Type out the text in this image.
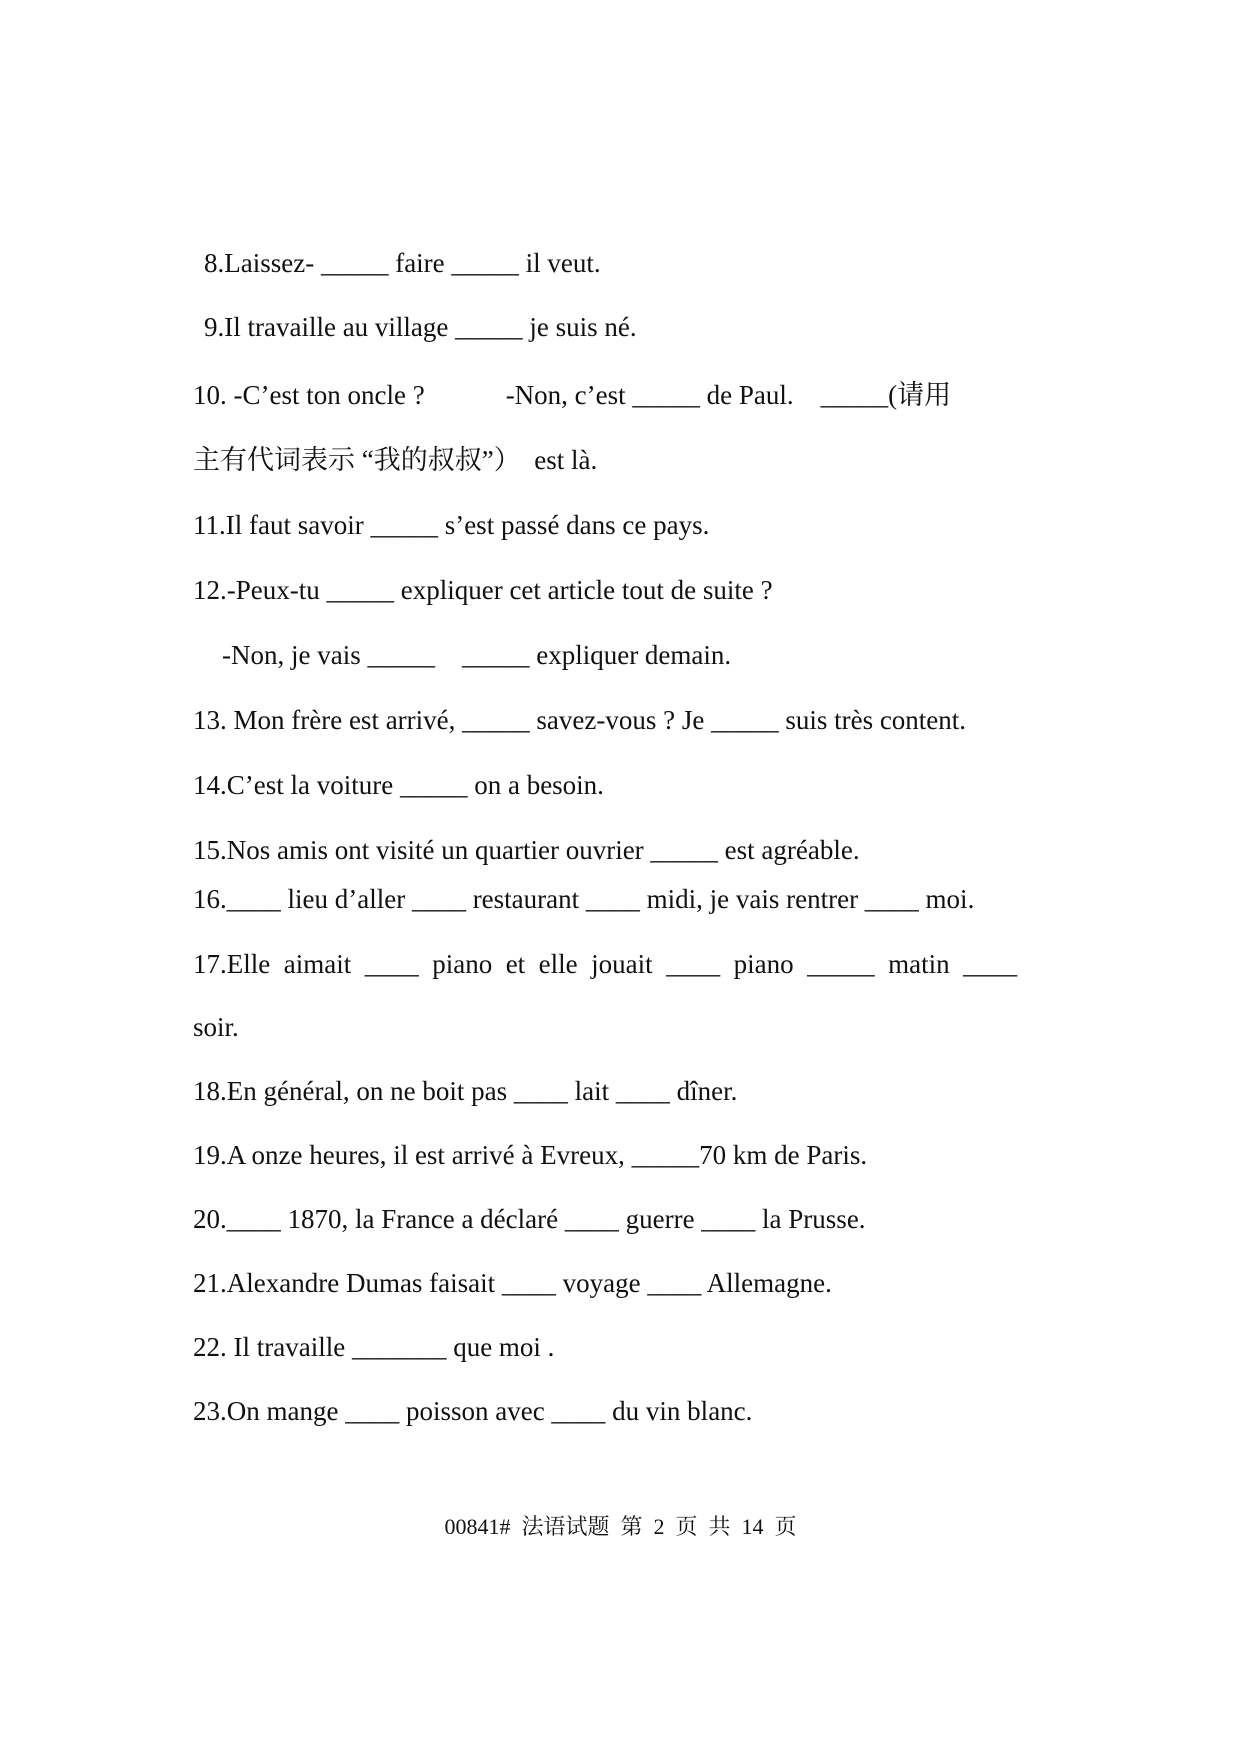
8.Laissez- _____ faire _____ il veut.
9.Il travaille au village _____ je suis né.
10. -C’est ton oncle ?            -Non, c’est _____ de Paul.    _____(请用
主有代词表示 “我的叔叔”）  est là.
11.Il faut savoir _____ s’est passé dans ce pays.
12.-Peux-tu _____ expliquer cet article tout de suite ?
-Non, je vais _____    _____ expliquer demain.
13. Mon frère est arrivé, _____ savez-vous ? Je _____ suis très content.
14.C’est la voiture _____ on a besoin.
15.Nos amis ont visité un quartier ouvrier _____ est agréable.
16.____ lieu d’aller ____ restaurant ____ midi, je vais rentrer ____ moi.
17.Elle  aimait  ____  piano  et  elle  jouait  ____  piano  _____  matin  ____
soir.
18.En général, on ne boit pas ____ lait ____ dîner.
19.A onze heures, il est arrivé à Evreux, _____70 km de Paris.
20.____ 1870, la France a déclaré ____ guerre ____ la Prusse.
21.Alexandre Dumas faisait ____ voyage ____ Allemagne.
22. Il travaille _______ que moi .
23.On mange ____ poisson avec ____ du vin blanc.
00841#  法语试题  第  2  页  共  14  页
